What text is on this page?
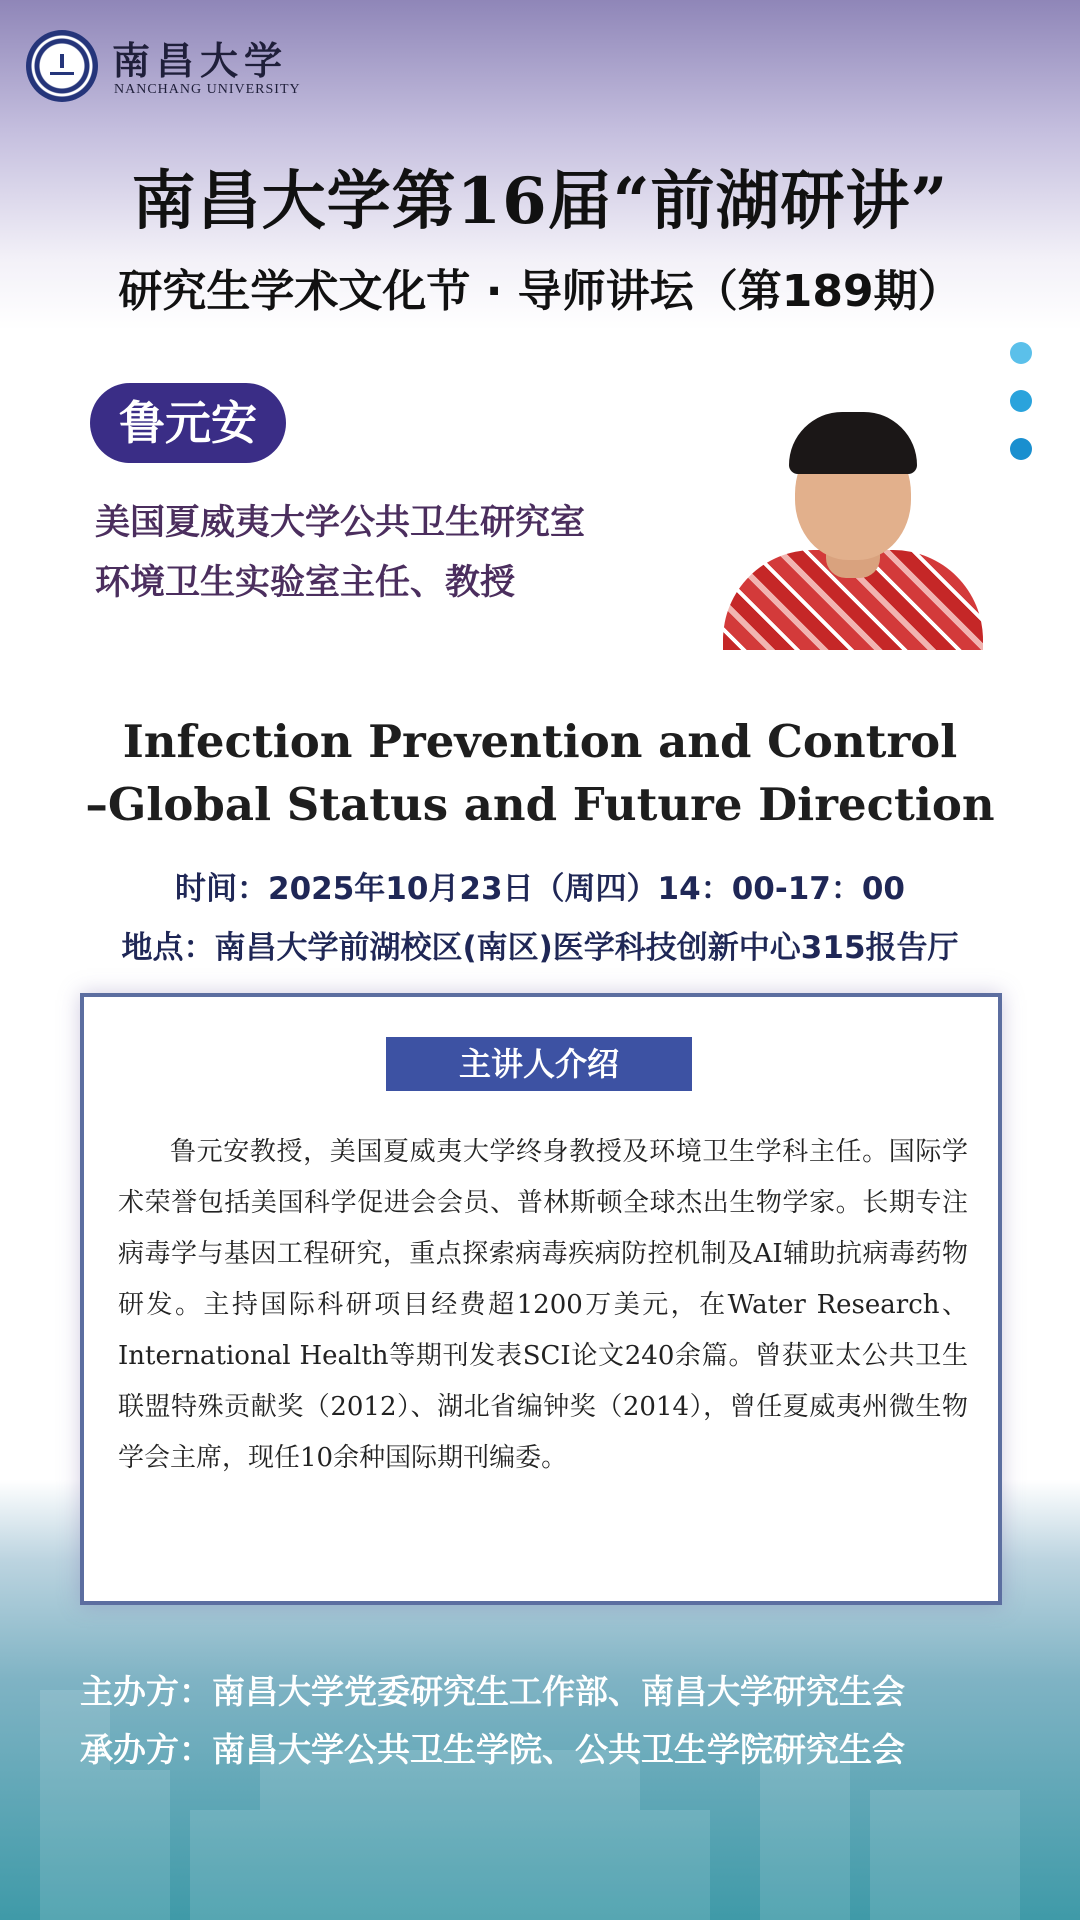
南昌大学
NANCHANG UNIVERSITY
南昌大学第16届“前湖研讲”
研究生学术文化节 · 导师讲坛（第189期）
鲁元安
美国夏威夷大学公共卫生研究室
环境卫生实验室主任、教授
Infection Prevention and Control
–Global Status and Future Direction
时间：2025年10月23日（周四）14：00-17：00
地点：南昌大学前湖校区(南区)医学科技创新中心315报告厅
主讲人介绍

鲁元安教授，美国夏威夷大学终身教授及环境卫生学科主任。国际学术荣誉包括美国科学促进会会员、普林斯顿全球杰出生物学家。长期专注病毒学与基因工程研究，重点探索病毒疾病防控机制及AI辅助抗病毒药物研发。主持国际科研项目经费超1200万美元，在Water Research、International Health等期刊发表SCI论文240余篇。曾获亚太公共卫生联盟特殊贡献奖（2012）、湖北省编钟奖（2014），曾任夏威夷州微生物学会主席，现任10余种国际期刊编委。

主办方：南昌大学党委研究生工作部、南昌大学研究生会
承办方：南昌大学公共卫生学院、公共卫生学院研究生会
